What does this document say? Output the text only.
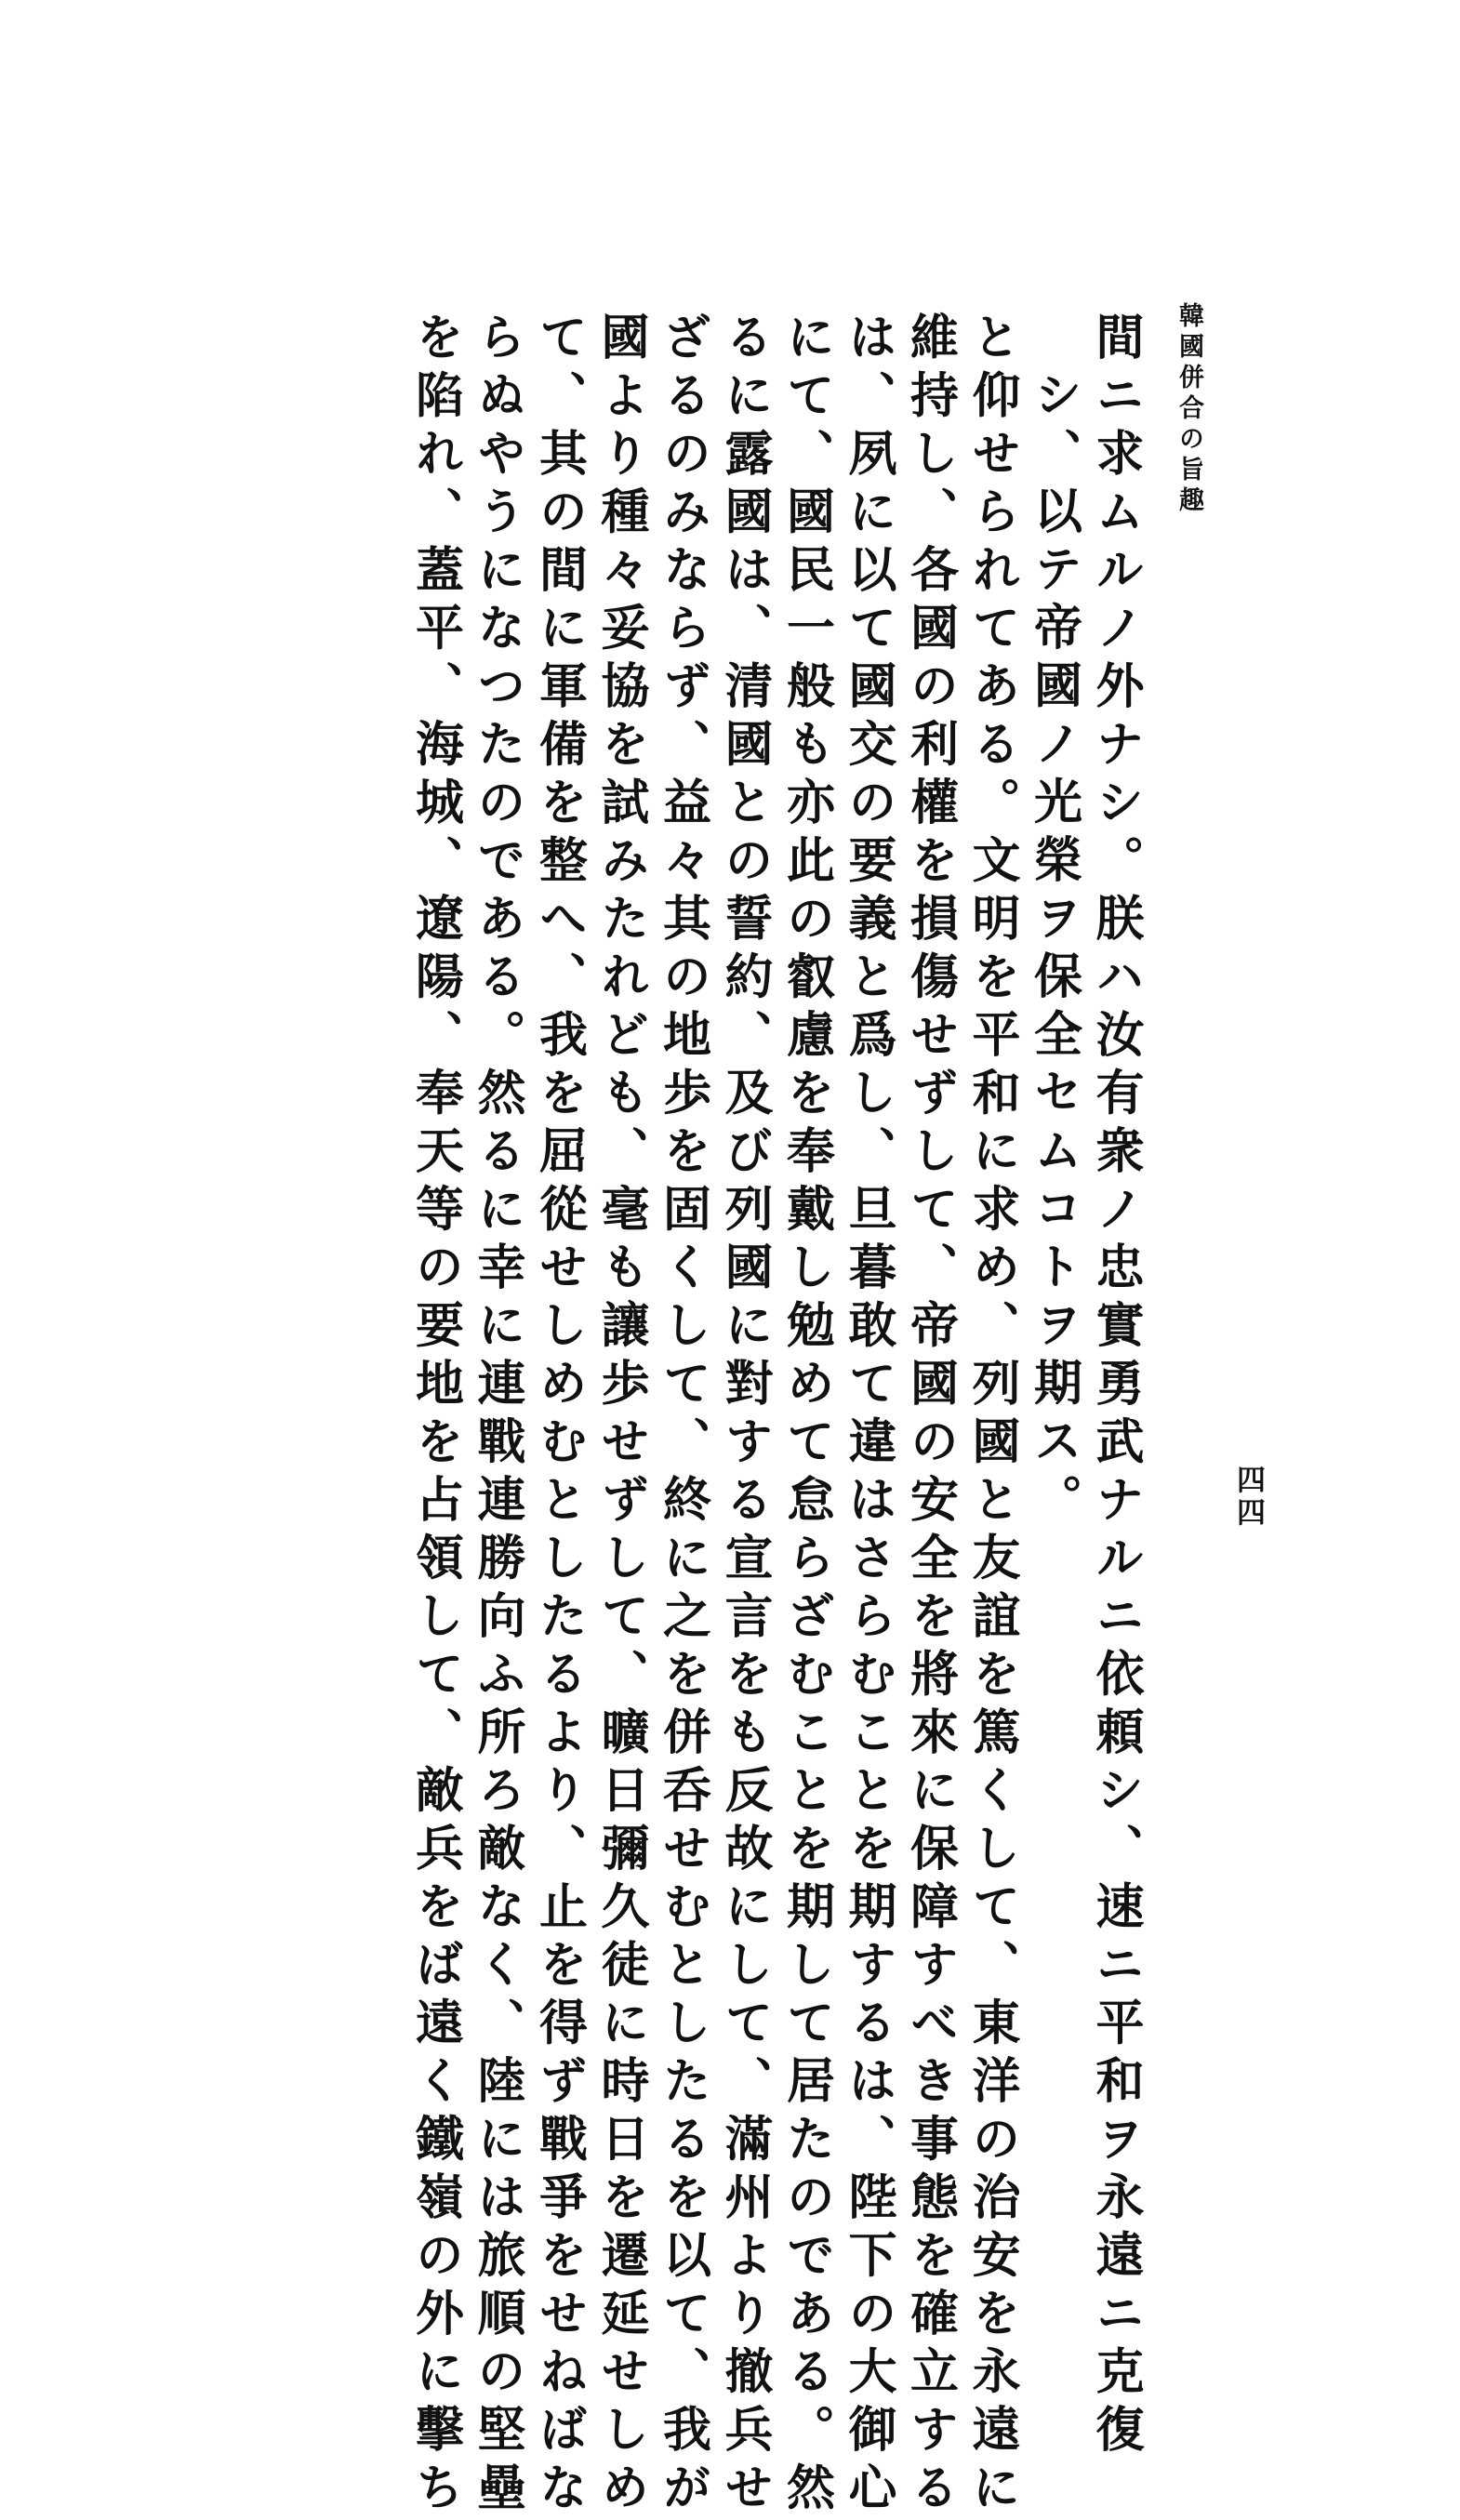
韓國併合の旨趣
四四
間ニ求ムルノ外ナシ。朕ハ汝有衆ノ忠實勇武ナルニ依頼シ、速ニ平和ヲ永遠ニ克復
シ、以テ帝國ノ光榮ヲ保全セムコトヲ期ス。
と仰せられてある。文明を平和に求め、列國と友誼を篤くして、東洋の治安を永遠に
維持し、各國の利權を損傷せずして、帝國の安全を將來に保障すべき事態を確立する
は、夙に以て國交の要義と爲し、旦暮敢て違はさらむことを期するは、陛下の大御心
にて、國民一般も亦此の叡慮を奉戴し勉めて怠らざむことを期して居たのである。然
るに露國は、清國との誓約、及び列國に對する宣言をも反故にして、滿州より撤兵せ
ざるのみならず、益々其の地歩を固くして、終に之を併呑せむとしたるを以て、我が
國より種々妥協を試みたれども、毫も讓歩せずして、曠日彌久徒に時日を遷延せしめ
て、其の間に軍備を整へ、我を屈從せしめむとしたるより、止を得ず戰爭をせねばな
らぬやうになつたのである。然るに幸に連戰連勝向ふ所ろ敵なく、陸には旅順の堅壘
を陷れ、蓋平、海城、遼陽、奉天等の要地を占領して、敵兵をば遠く鐵嶺の外に擊ち
